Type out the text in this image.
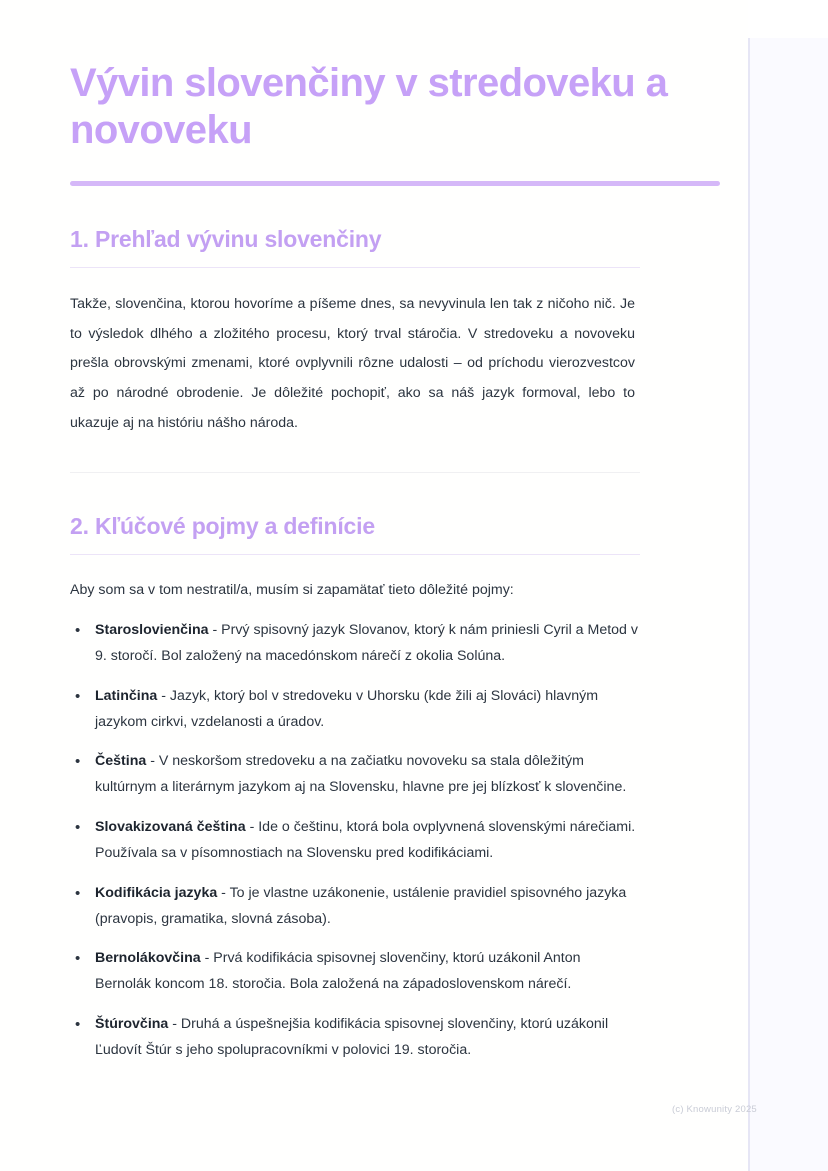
Vývin slovenčiny v stredoveku a novoveku
1. Prehľad vývinu slovenčiny

Takže, slovenčina, ktorou hovoríme a píšeme dnes, sa nevyvinula len tak z ničoho nič. Je to výsledok dlhého a zložitého procesu, ktorý trval stáročia. V stredoveku a novoveku prešla obrovskými zmenami, ktoré ovplyvnili rôzne udalosti – od príchodu vierozvestcov až po národné obrodenie. Je dôležité pochopiť, ako sa náš jazyk formoval, lebo to ukazuje aj na históriu nášho národa.

2. Kľúčové pojmy a definície

Aby som sa v tom nestratil/a, musím si zapamätať tieto dôležité pojmy:

• Staroslovienčina - Prvý spisovný jazyk Slovanov, ktorý k nám priniesli Cyril a Metod v 9. storočí. Bol založený na macedónskom nárečí z okolia Solúna.
• Latinčina - Jazyk, ktorý bol v stredoveku v Uhorsku (kde žili aj Slováci) hlavným jazykom cirkvi, vzdelanosti a úradov.
• Čeština - V neskoršom stredoveku a na začiatku novoveku sa stala dôležitým kultúrnym a literárnym jazykom aj na Slovensku, hlavne pre jej blízkosť k slovenčine.
• Slovakizovaná čeština - Ide o češtinu, ktorá bola ovplyvnená slovenskými nárečiami. Používala sa v písomnostiach na Slovensku pred kodifikáciami.
• Kodifikácia jazyka - To je vlastne uzákonenie, ustálenie pravidiel spisovného jazyka (pravopis, gramatika, slovná zásoba).
• Bernolákovčina - Prvá kodifikácia spisovnej slovenčiny, ktorú uzákonil Anton Bernolák koncom 18. storočia. Bola založená na západoslovenskom nárečí.
• Štúrovčina - Druhá a úspešnejšia kodifikácia spisovnej slovenčiny, ktorú uzákonil Ľudovít Štúr s jeho spolupracovníkmi v polovici 19. storočia.
(c) Knowunity 2025
